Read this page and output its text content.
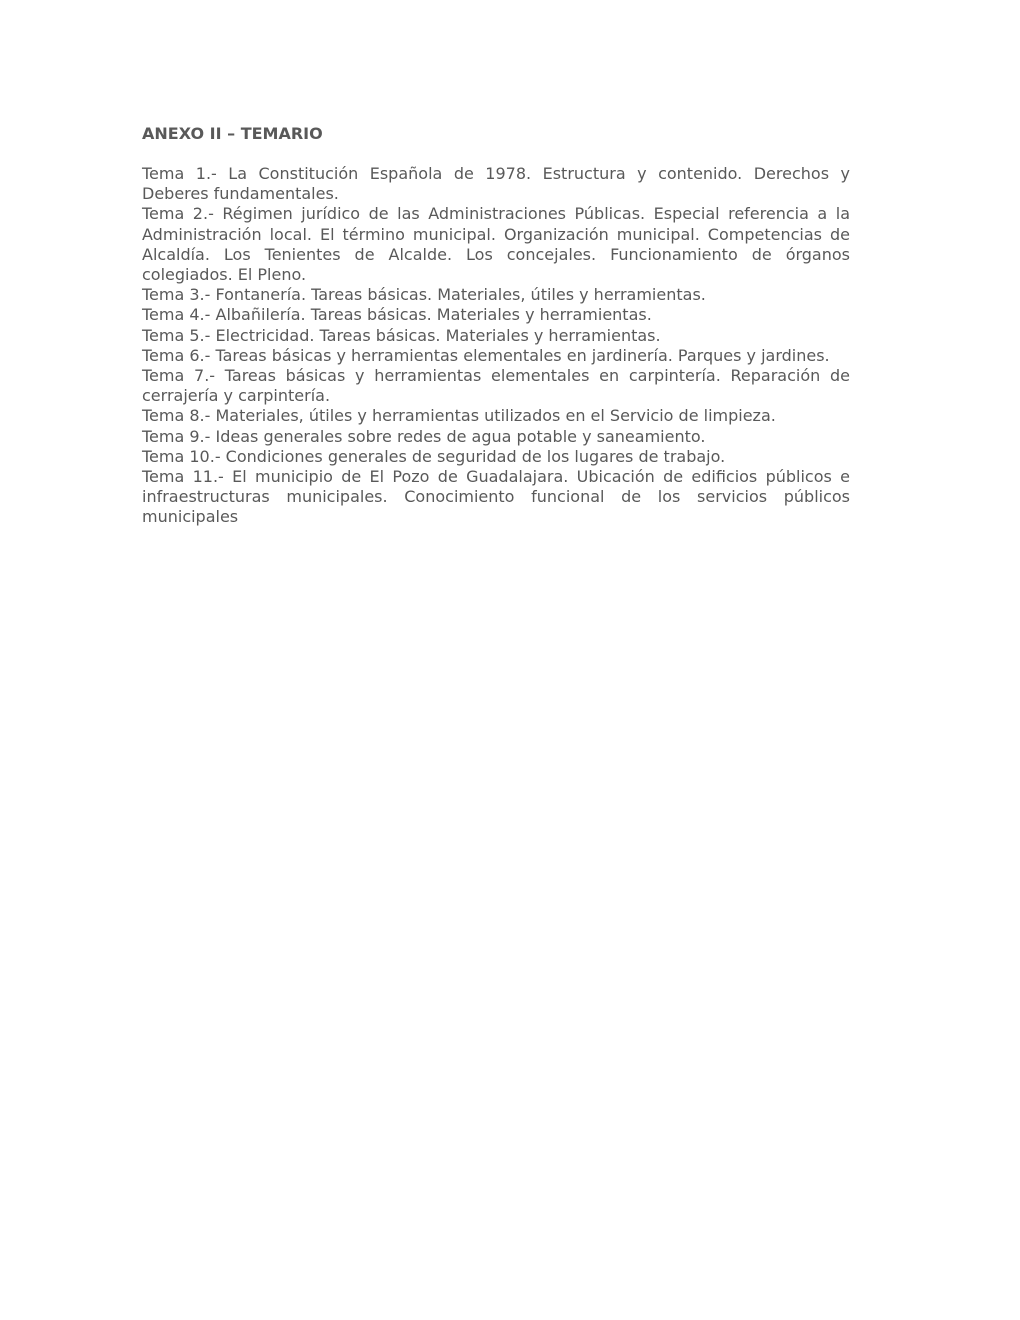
ANEXO II – TEMARIO

Tema 1.- La Constitución Española de 1978. Estructura y contenido. Derechos y Deberes fundamentales.

Tema 2.- Régimen jurídico de las Administraciones Públicas. Especial referencia a la Administración local. El término municipal. Organización municipal. Competencias de Alcaldía. Los Tenientes de Alcalde. Los concejales. Funcionamiento de órganos colegiados. El Pleno.

Tema 3.- Fontanería. Tareas básicas. Materiales, útiles y herramientas.

Tema 4.- Albañilería. Tareas básicas. Materiales y herramientas.

Tema 5.- Electricidad. Tareas básicas. Materiales y herramientas.

Tema 6.- Tareas básicas y herramientas elementales en jardinería. Parques y jardines.

Tema 7.- Tareas básicas y herramientas elementales en carpintería. Reparación de cerrajería y carpintería.

Tema 8.- Materiales, útiles y herramientas utilizados en el Servicio de limpieza.

Tema 9.- Ideas generales sobre redes de agua potable y saneamiento.

Tema 10.- Condiciones generales de seguridad de los lugares de trabajo.

Tema 11.- El municipio de El Pozo de Guadalajara. Ubicación de edificios públicos e infraestructuras municipales. Conocimiento funcional de los servicios públicos municipales
